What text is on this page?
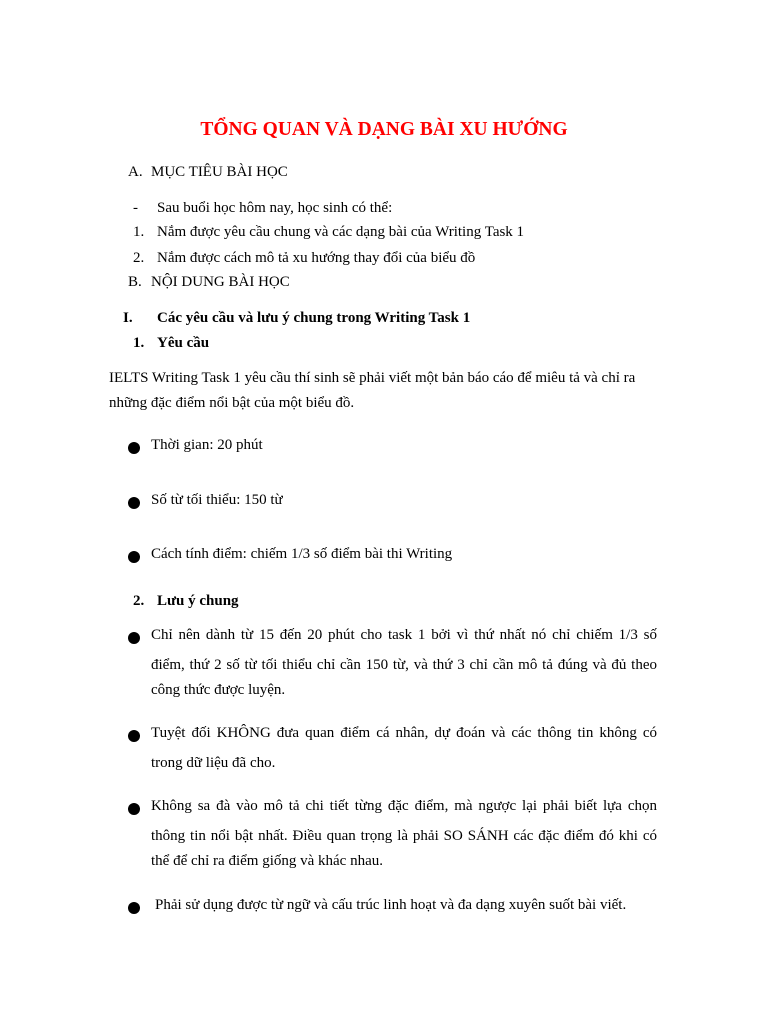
TỔNG QUAN VÀ DẠNG BÀI XU HƯỚNG
A. MỤC TIÊU BÀI HỌC
- Sau buổi học hôm nay, học sinh có thể:
1. Nắm được yêu cầu chung và các dạng bài của Writing Task 1
2. Nắm được cách mô tả xu hướng thay đổi của biểu đồ
B. NỘI DUNG BÀI HỌC
I. Các yêu cầu và lưu ý chung trong Writing Task 1
1. Yêu cầu
IELTS Writing Task 1 yêu cầu thí sinh sẽ phải viết một bản báo cáo để miêu tả và chỉ ra
những đặc điểm nổi bật của một biểu đồ.
Thời gian: 20 phút
Số từ tối thiểu: 150 từ
Cách tính điểm: chiếm 1/3 số điểm bài thi Writing
2. Lưu ý chung
Chỉ nên dành từ 15 đến 20 phút cho task 1 bởi vì thứ nhất nó chỉ chiếm 1/3 số
điểm, thứ 2 số từ tối thiểu chỉ cần 150 từ, và thứ 3 chỉ cần mô tả đúng và đủ theo
công thức được luyện.
Tuyệt đối KHÔNG đưa quan điểm cá nhân, dự đoán và các thông tin không có
trong dữ liệu đã cho.
Không sa đà vào mô tả chi tiết từng đặc điểm, mà ngược lại phải biết lựa chọn
thông tin nổi bật nhất. Điều quan trọng là phải SO SÁNH các đặc điểm đó khi có
thể để chỉ ra điểm giống và khác nhau.
Phải sử dụng được từ ngữ và cấu trúc linh hoạt và đa dạng xuyên suốt bài viết.
